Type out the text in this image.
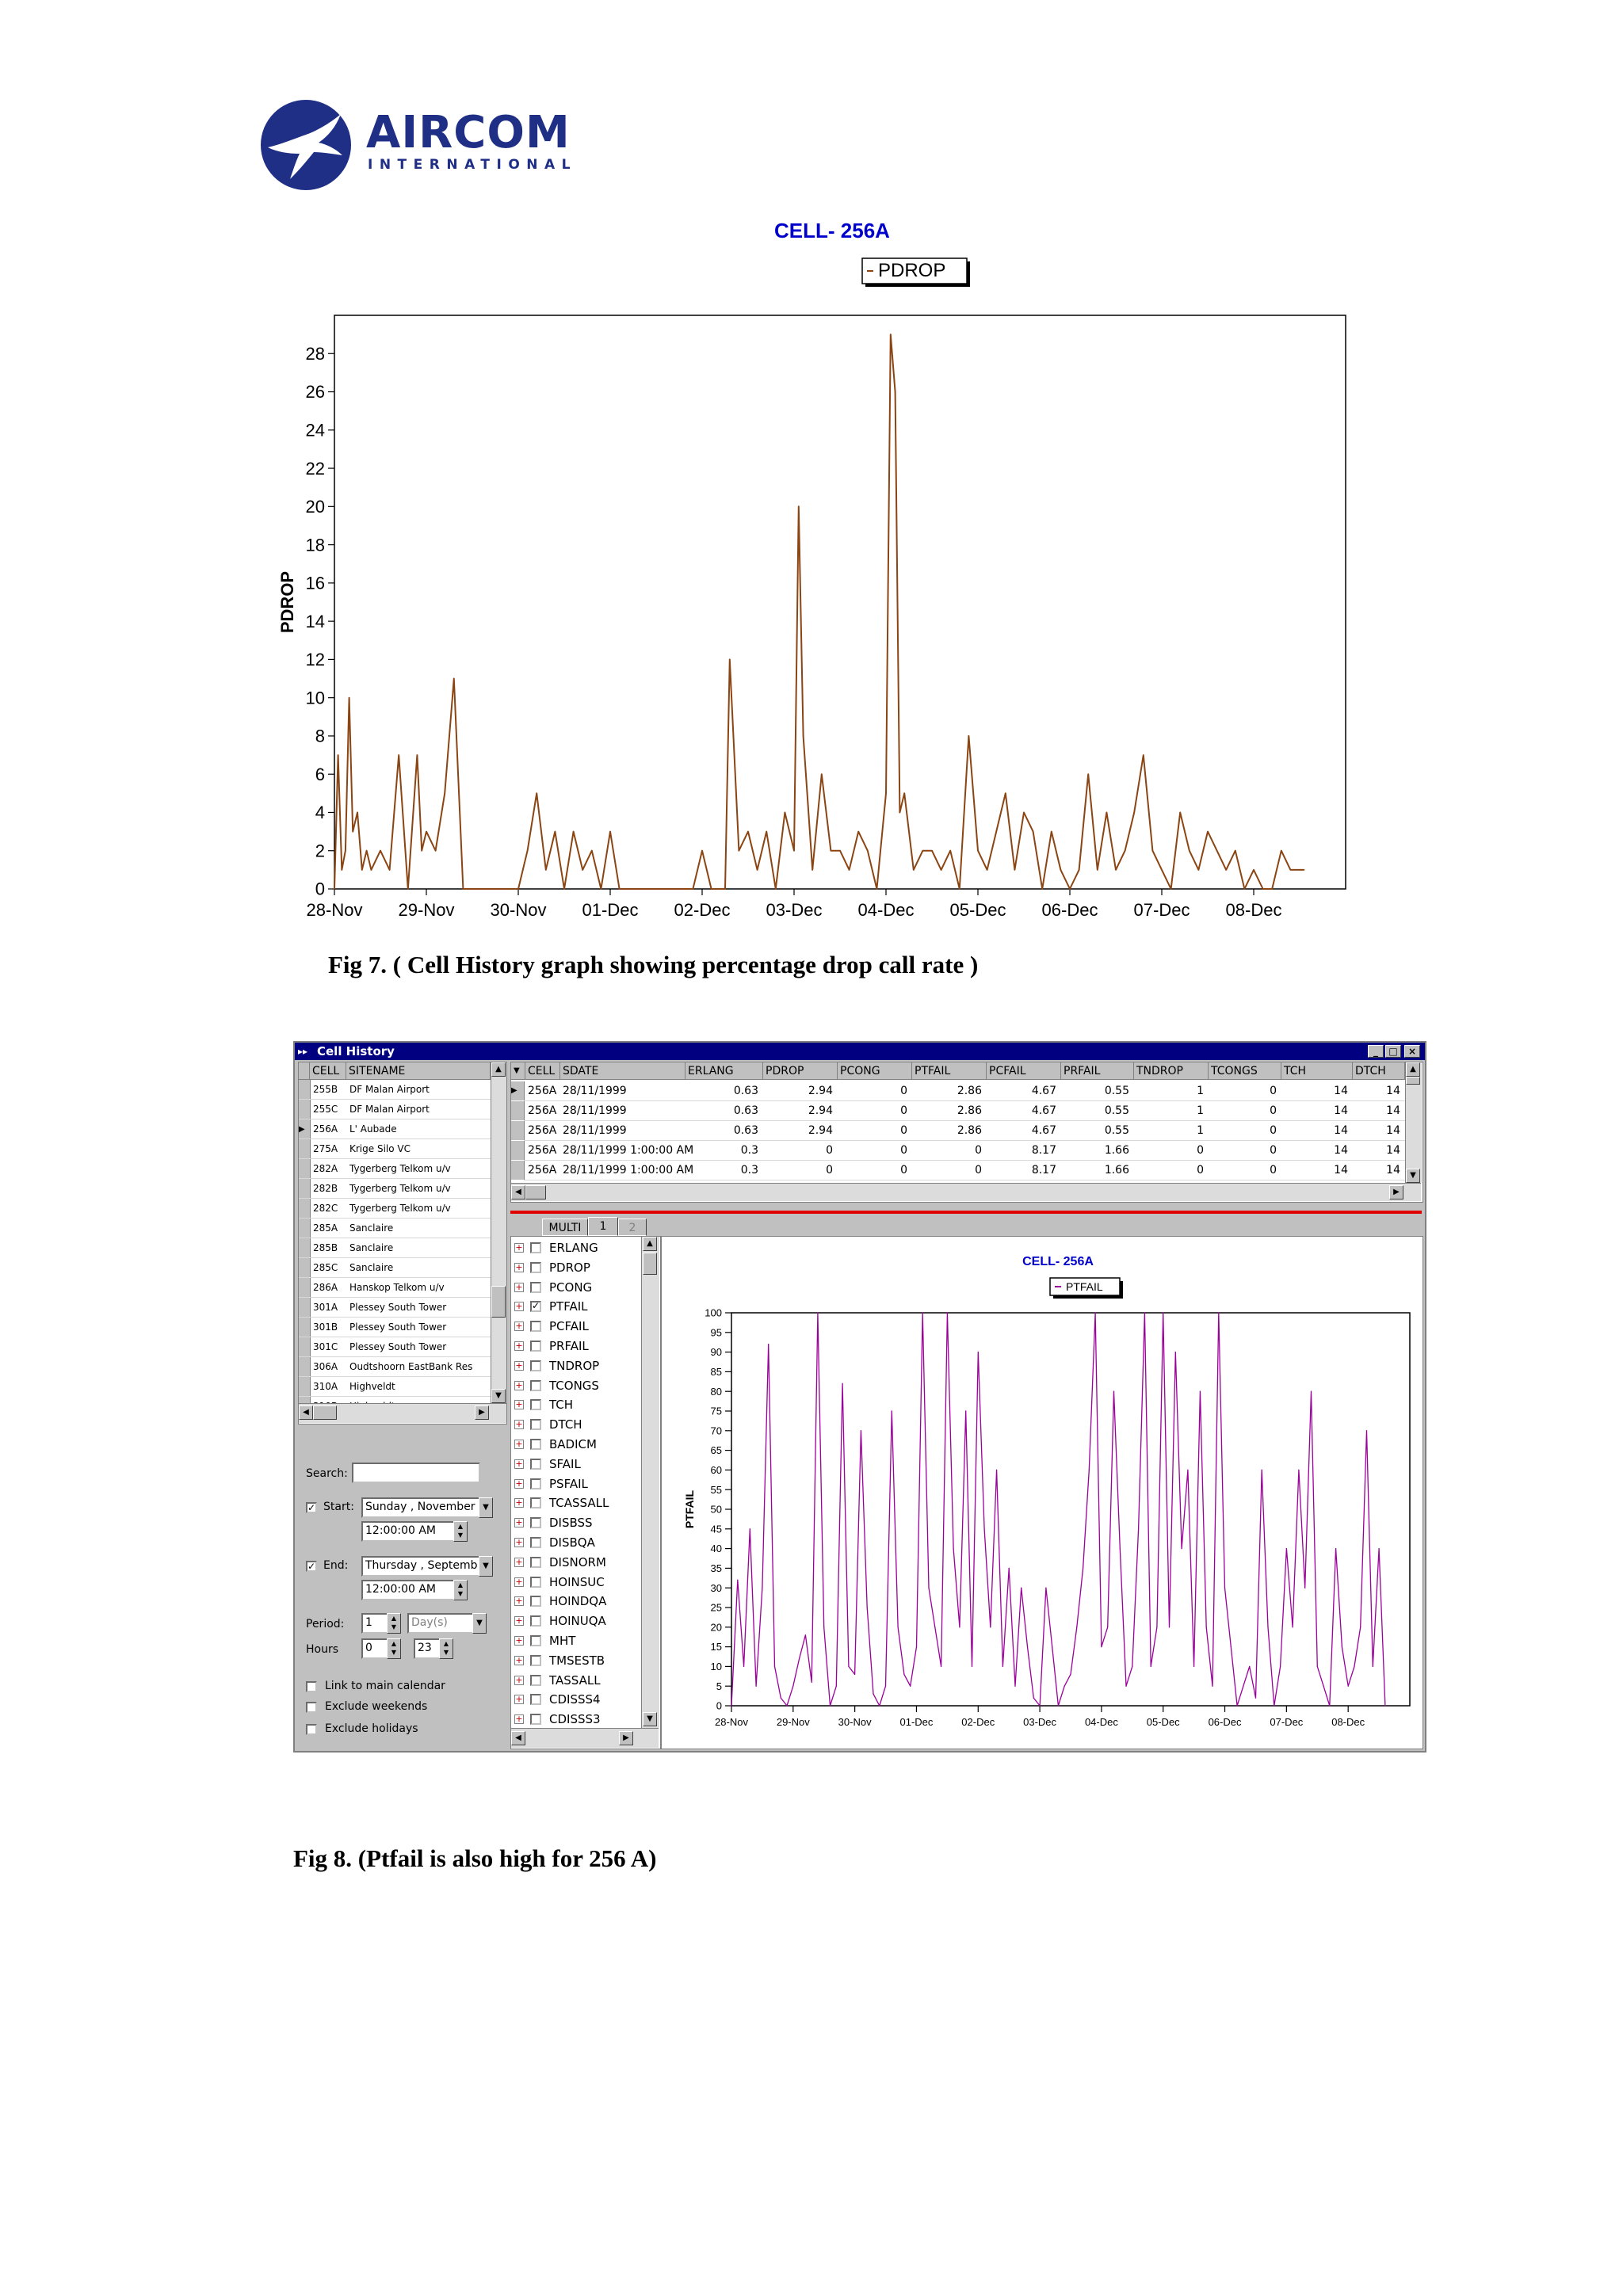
AIRCOM
INTERNATIONAL
CELL- 256A
PDROP
0
2
4
6
8
10
12
14
16
18
20
22
24
26
28
28-Nov 29-Nov 30-Nov 01-Dec 02-Dec 03-Dec 04-Dec 05-Dec 06-Dec 07-Dec 08-Dec
PDROP
Fig 7. ( Cell History graph showing percentage drop call rate )
▸▸ Cell History	_	□	×
CELL SITENAME
255B DF Malan Airport
255C DF Malan Airport
▶ 256A L' Aubade
275A Krige Silo VC
282A Tygerberg Telkom u/v
282B Tygerberg Telkom u/v
282C Tygerberg Telkom u/v
285A Sanclaire
285B Sanclaire
285C Sanclaire
286A Hanskop Telkom u/v
301A Plessey South Tower
301B Plessey South Tower
301C Plessey South Tower
306A Oudtshoorn EastBank Res
310A Highveldt
▲
▼
◀	▶
Search:
✓ Start:	Sunday , November ▼
12:00:00 AM	▲
▼
✓ End:	Thursday , Septemb ▼
12:00:00 AM	▲
▼
Period:	1	▲
▼	Day(s)	▼
Hours	0	▲
▼	23	▲
▼
Link to main calendar
Exclude weekends
Exclude holidays
▼ CELL SDATE	ERLANG	PDROP	PCONG	PTFAIL	PCFAIL	PRFAIL	TNDROP	TCONGS	TCH	DTCH
▶ 256A 28/11/1999	0.63	2.94	0	2.86	4.67	0.55	1	0	14	14
256A 28/11/1999	0.63	2.94	0	2.86	4.67	0.55	1	0	14	14
256A 28/11/1999	0.63	2.94	0	2.86	4.67	0.55	1	0	14	14
256A 28/11/1999 1:00:00 AM	0.3	0	0	0	8.17	1.66	0	0	14	14
256A 28/11/1999 1:00:00 AM	0.3	0	0	0	8.17	1.66	0	0	14	14
▲
▼
◀	▶
MULTI	1	2
+ ERLANG
+ PDROP
+ PCONG
+ ✓ PTFAIL
+ PCFAIL
+ PRFAIL
+ TNDROP
+ TCONGS
+ TCH
+ DTCH
+ BADICM
+ SFAIL
+ PSFAIL
+ TCASSALL
+ DISBSS
+ DISBQA
+ DISNORM
+ HOINSUC
+ HOINDQA
+ HOINUQA
+ MHT
+ TMSESTB
+ TASSALL
+ CDISSS4
+ CDISSS3
▲
▼
◀	▶
CELL- 256A
PTFAIL
0
5
10
15
20
25
30
35
40
45
50
55
60
65
70
75
80
85
90
95
100
28-Nov	29-Nov	30-Nov	01-Dec	02-Dec	03-Dec	04-Dec	05-Dec	06-Dec	07-Dec	08-Dec
PTFAIL
Fig 8. (Ptfail is also high for 256 A)
